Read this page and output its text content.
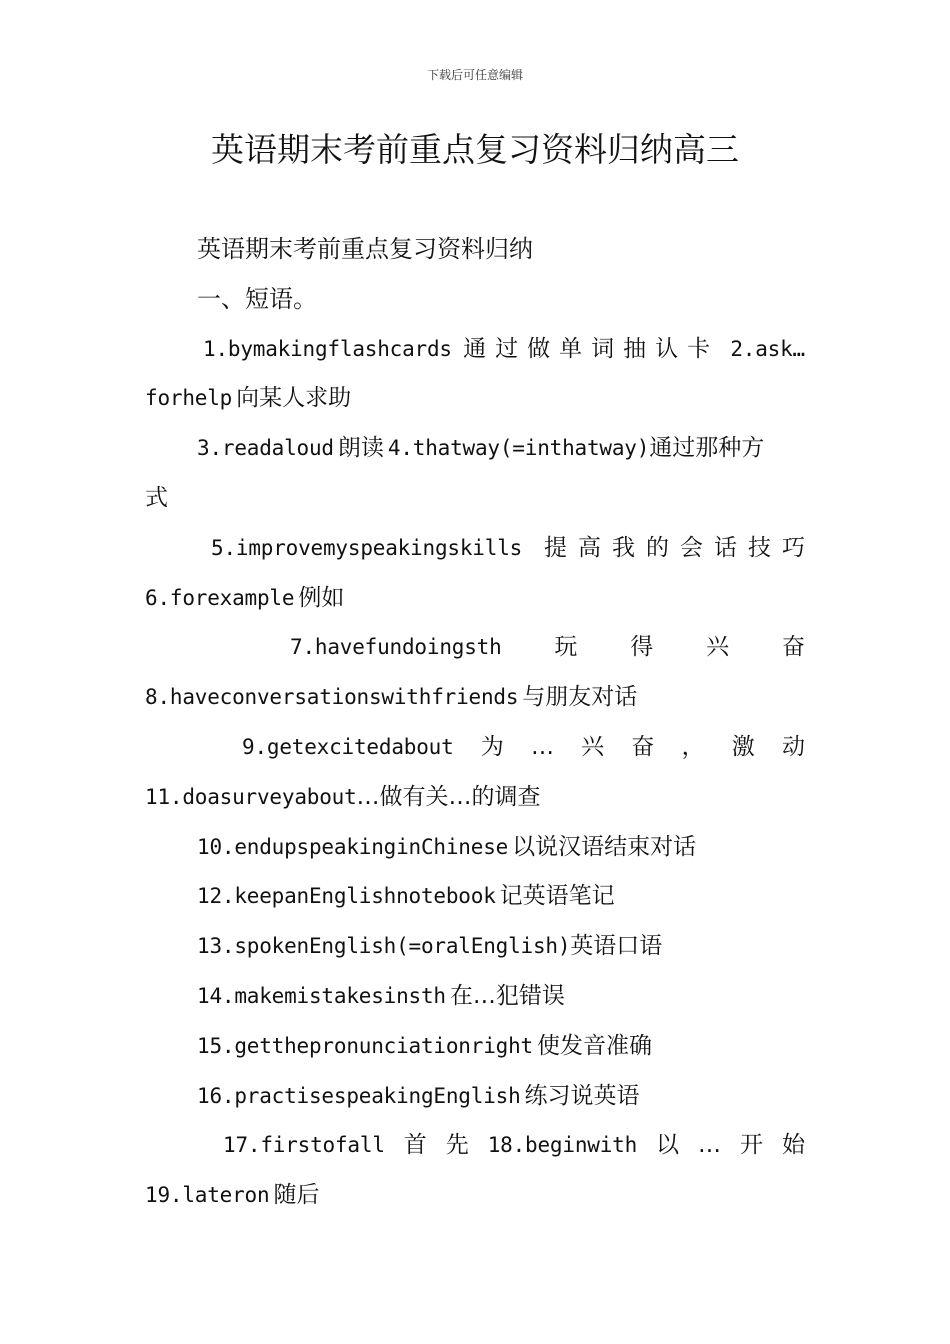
下载后可任意编辑
英语期末考前重点复习资料归纳高三
英语期末考前重点复习资料归纳
一、短语。
1.bymakingflashcards 通过做单词抽认卡 2.ask…
forhelp 向某人求助
3.readaloud 朗读 4.thatway(=inthatway)通过那种方
式
5.improvemyspeakingskills 提高我的会话技巧
6.forexample 例如
7.havefundoingsth 玩 得 兴 奋
8.haveconversationswithfriends 与朋友对话
9.getexcitedabout 为 … 兴 奋 ， 激 动
11.doasurveyabout…做有关…的调查
10.endupspeakinginChinese 以说汉语结束对话
12.keepanEnglishnotebook 记英语笔记
13.spokenEnglish(=oralEnglish)英语口语
14.makemistakesinsth 在…犯错误
15.getthepronunciationright 使发音准确
16.practisespeakingEnglish 练习说英语
17.firstofall 首 先 18.beginwith 以 … 开 始
19.lateron 随后
